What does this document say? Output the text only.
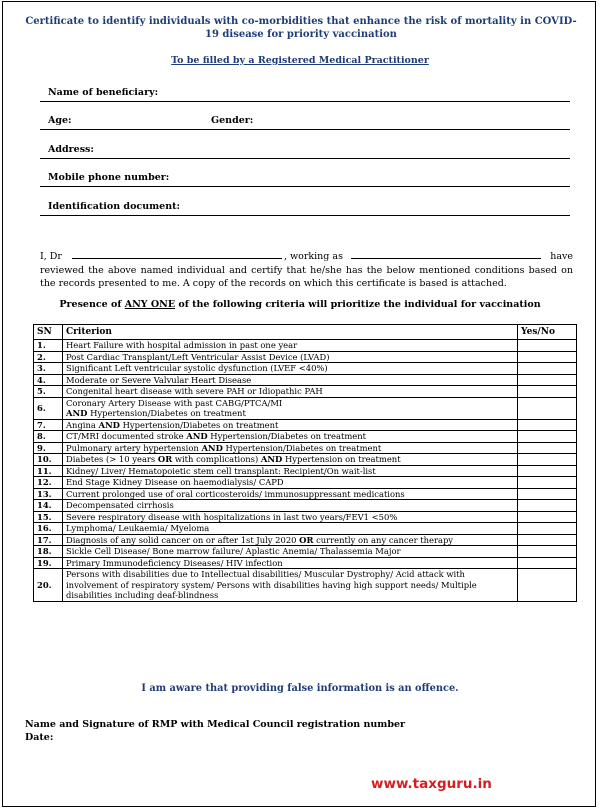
Certificate to identify individuals with co-morbidities that enhance the risk of mortality in COVID-19 disease for priority vaccination
To be filled by a Registered Medical Practitioner
Name of beneficiary:
Age:	Gender:
Address:
Mobile phone number:
Identification document:
I, Dr	, working as	have
reviewed the above named individual and certify that he/she has the below mentioned conditions based on the records presented to me. A copy of the records on which this certificate is based is attached.
Presence of ANY ONE of the following criteria will prioritize the individual for vaccination
SN	Criterion	Yes/No
1.	Heart Failure with hospital admission in past one year	
2.	Post Cardiac Transplant/Left Ventricular Assist Device (LVAD)	
3.	Significant Left ventricular systolic dysfunction (LVEF <40%)	
4.	Moderate or Severe Valvular Heart Disease	
5.	Congenital heart disease with severe PAH or Idiopathic PAH	
6.	Coronary Artery Disease with past CABG/PTCA/MI
AND Hypertension/Diabetes on treatment	
7.	Angina AND Hypertension/Diabetes on treatment	
8.	CT/MRI documented stroke AND Hypertension/Diabetes on treatment	
9.	Pulmonary artery hypertension AND Hypertension/Diabetes on treatment	
10.	Diabetes (> 10 years OR with complications) AND Hypertension on treatment	
11.	Kidney/ Liver/ Hematopoietic stem cell transplant: Recipient/On wait-list	
12.	End Stage Kidney Disease on haemodialysis/ CAPD	
13.	Current prolonged use of oral corticosteroids/ immunosuppressant medications	
14.	Decompensated cirrhosis	
15.	Severe respiratory disease with hospitalizations in last two years/FEV1 <50%	
16.	Lymphoma/ Leukaemia/ Myeloma	
17.	Diagnosis of any solid cancer on or after 1st July 2020 OR currently on any cancer therapy	
18.	Sickle Cell Disease/ Bone marrow failure/ Aplastic Anemia/ Thalassemia Major	
19.	Primary Immunodeficiency Diseases/ HIV infection	
20.	Persons with disabilities due to Intellectual disabilities/ Muscular Dystrophy/ Acid attack with involvement of respiratory system/ Persons with disabilities having high support needs/ Multiple disabilities including deaf-blindness	
I am aware that providing false information is an offence.
Name and Signature of RMP with Medical Council registration number
Date:
www.taxguru.in
